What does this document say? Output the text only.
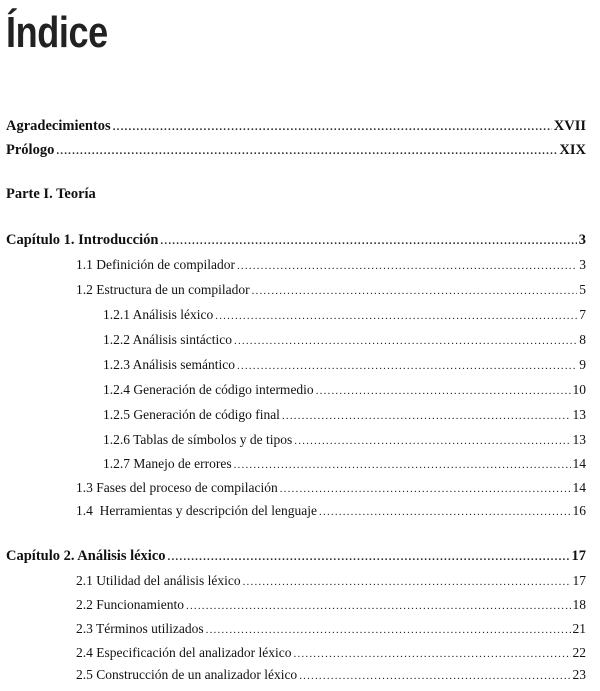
Índice
Agradecimientos .....	XVII
Prólogo .....	XIX
Parte I. Teoría
Capítulo 1. Introducción .....	3
1.1 Definición de compilador .....	3
1.2 Estructura de un compilador .....	5
1.2.1 Análisis léxico .....	7
1.2.2 Análisis sintáctico .....	8
1.2.3 Análisis semántico .....	9
1.2.4 Generación de código intermedio .....	10
1.2.5 Generación de código final .....	13
1.2.6 Tablas de símbolos y de tipos .....	13
1.2.7 Manejo de errores .....	14
1.3 Fases del proceso de compilación .....	14
1.4  Herramientas y descripción del lenguaje .....	16
Capítulo 2. Análisis léxico .....	17
2.1 Utilidad del análisis léxico .....	17
2.2 Funcionamiento .....	18
2.3 Términos utilizados .....	21
2.4 Especificación del analizador léxico .....	22
2.5 Construcción de un analizador léxico .....	23
